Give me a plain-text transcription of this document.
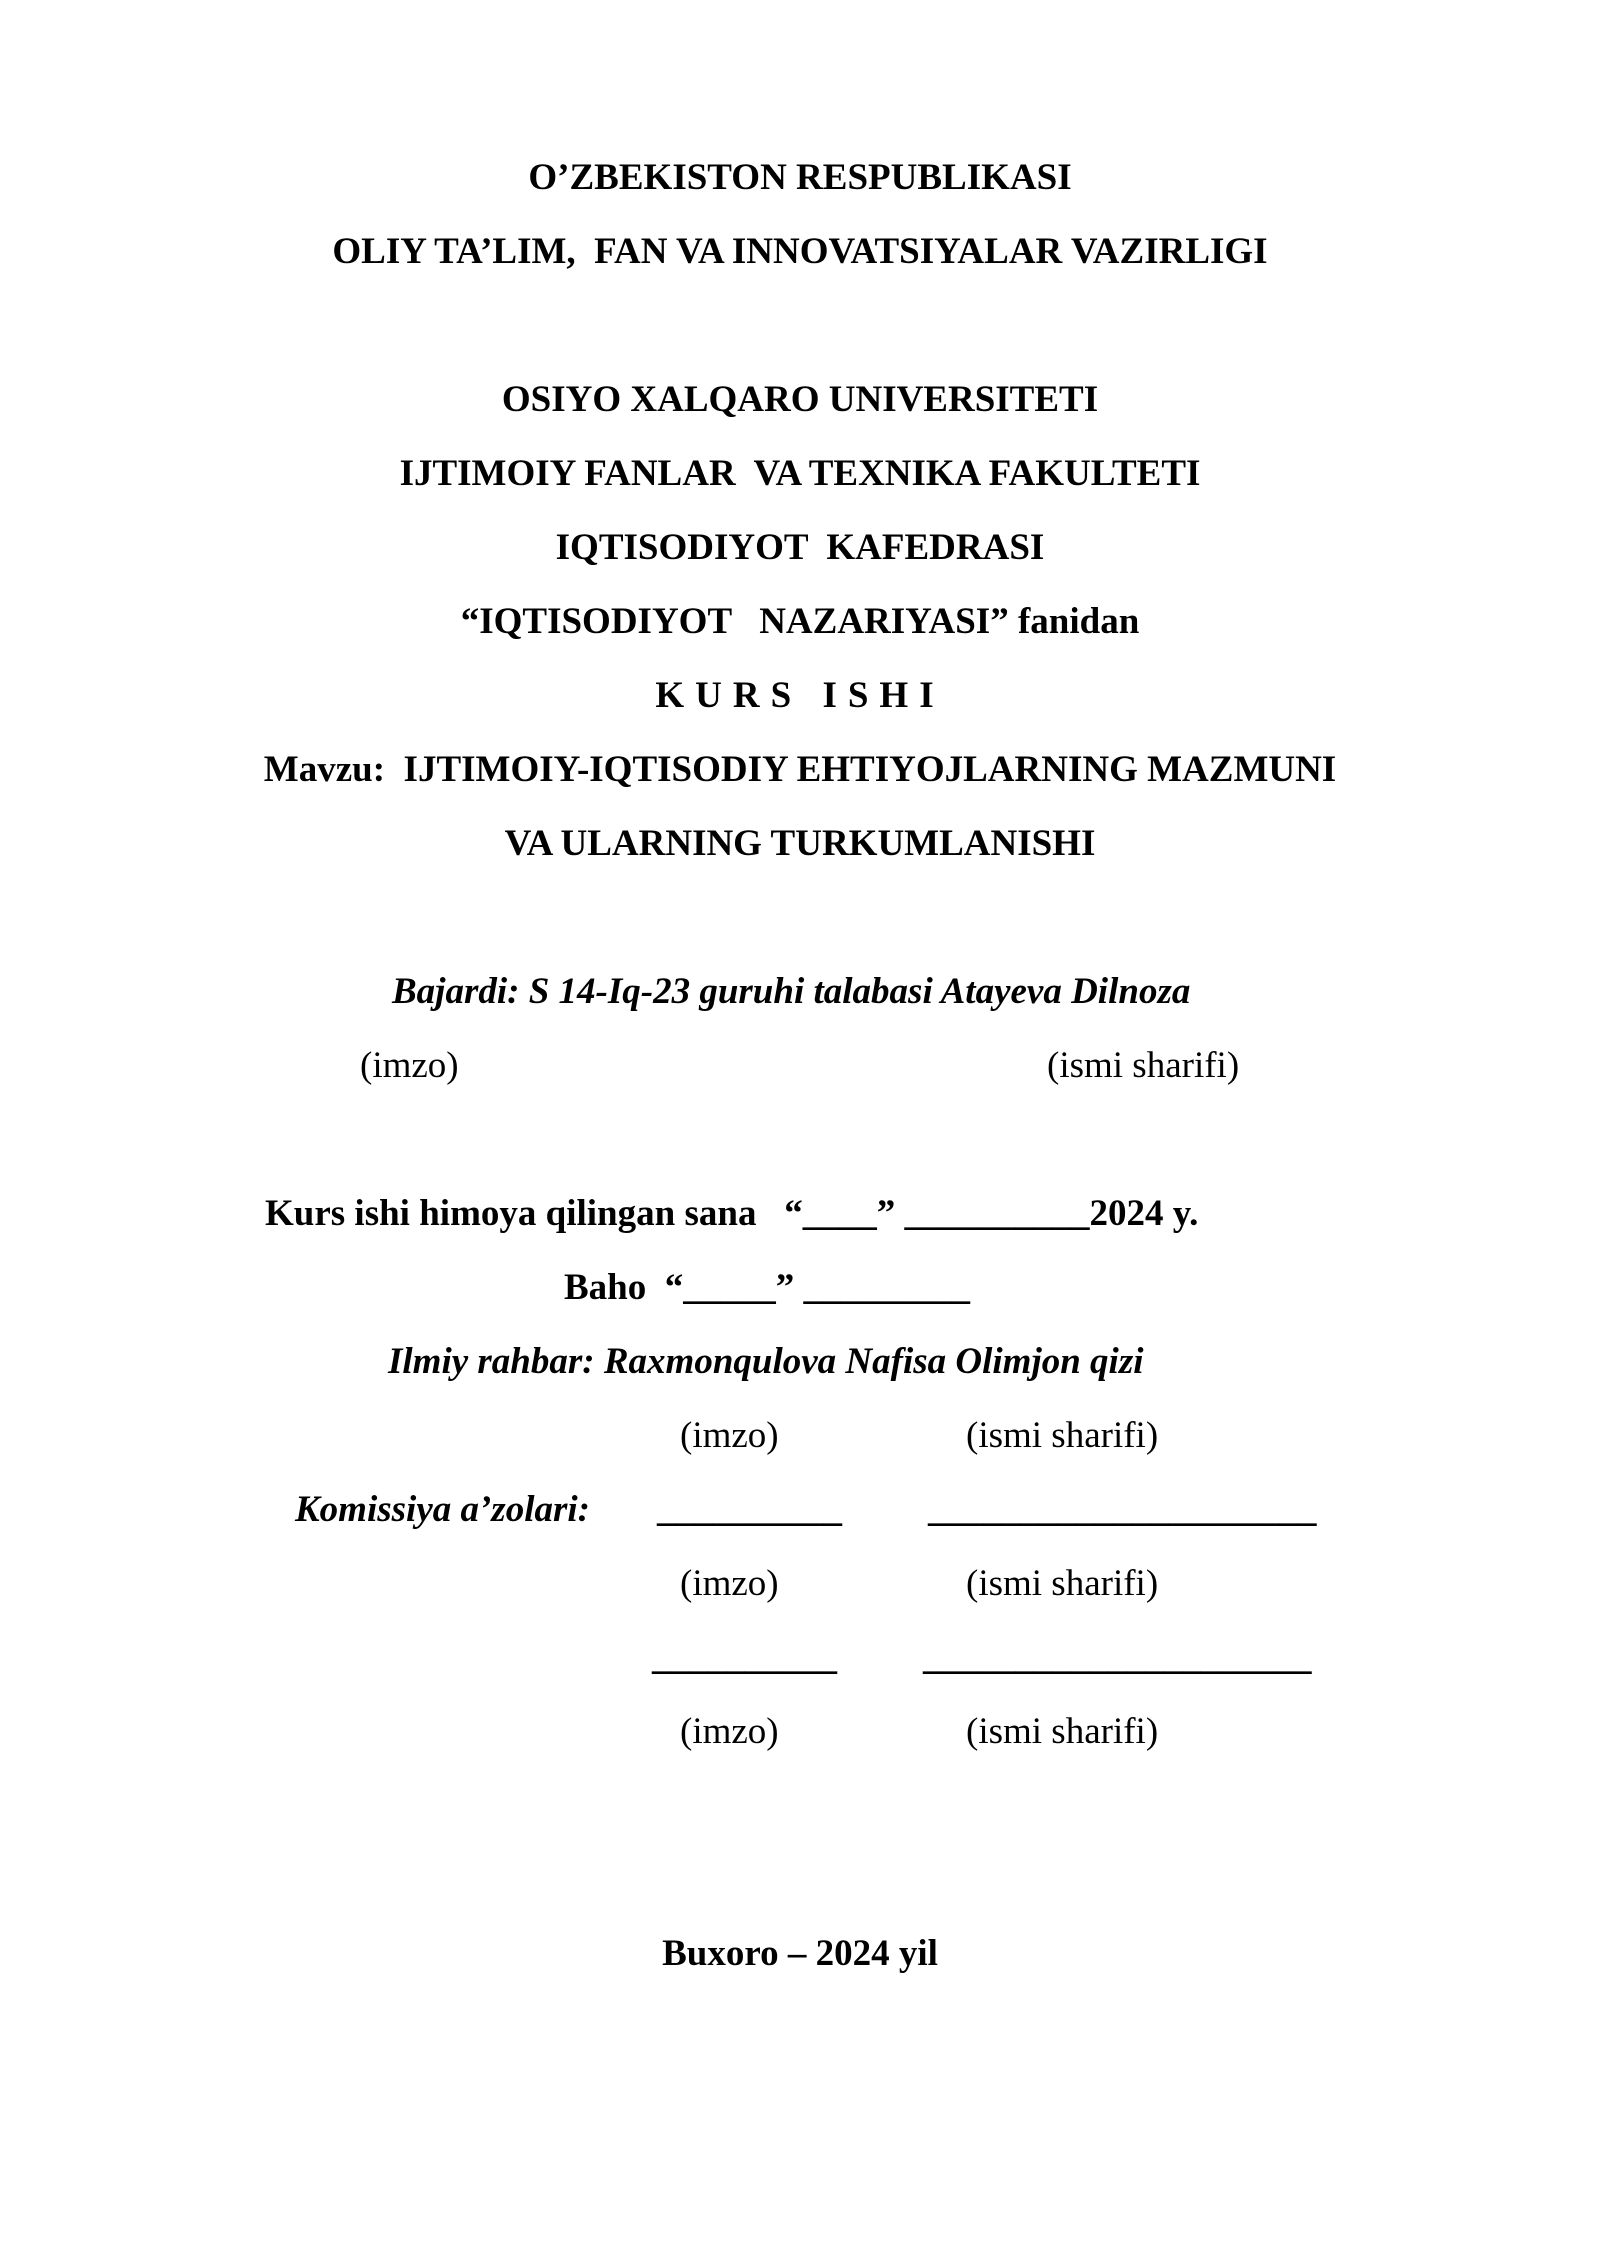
O’ZBEKISTON RESPUBLIKASI
OLIY TA’LIM,  FAN VA INNOVATSIYALAR VAZIRLIGI
OSIYO XALQARO UNIVERSITETI
IJTIMOIY FANLAR  VA TEXNIKA FAKULTETI
IQTISODIYOT  KAFEDRASI
“IQTISODIYOT   NAZARIYASI” fanidan
KURS ISHI
Mavzu:  IJTIMOIY-IQTISODIY EHTIYOJLARNING MAZMUNI
VA ULARNING TURKUMLANISHI
Bajardi: S 14-Iq-23 guruhi talabasi Atayeva Dilnoza
(imzo)	(ismi sharifi)
Kurs ishi himoya qilingan sana   “____” __________2024 y.
Baho  “_____” _________
Ilmiy rahbar: Raxmonqulova Nafisa Olimjon qizi
(imzo)	(ismi sharifi)
Komissiya a’zolari: __________ _____________________
(imzo)	(ismi sharifi)
__________ _____________________
(imzo)	(ismi sharifi)
Buxoro – 2024 yil
